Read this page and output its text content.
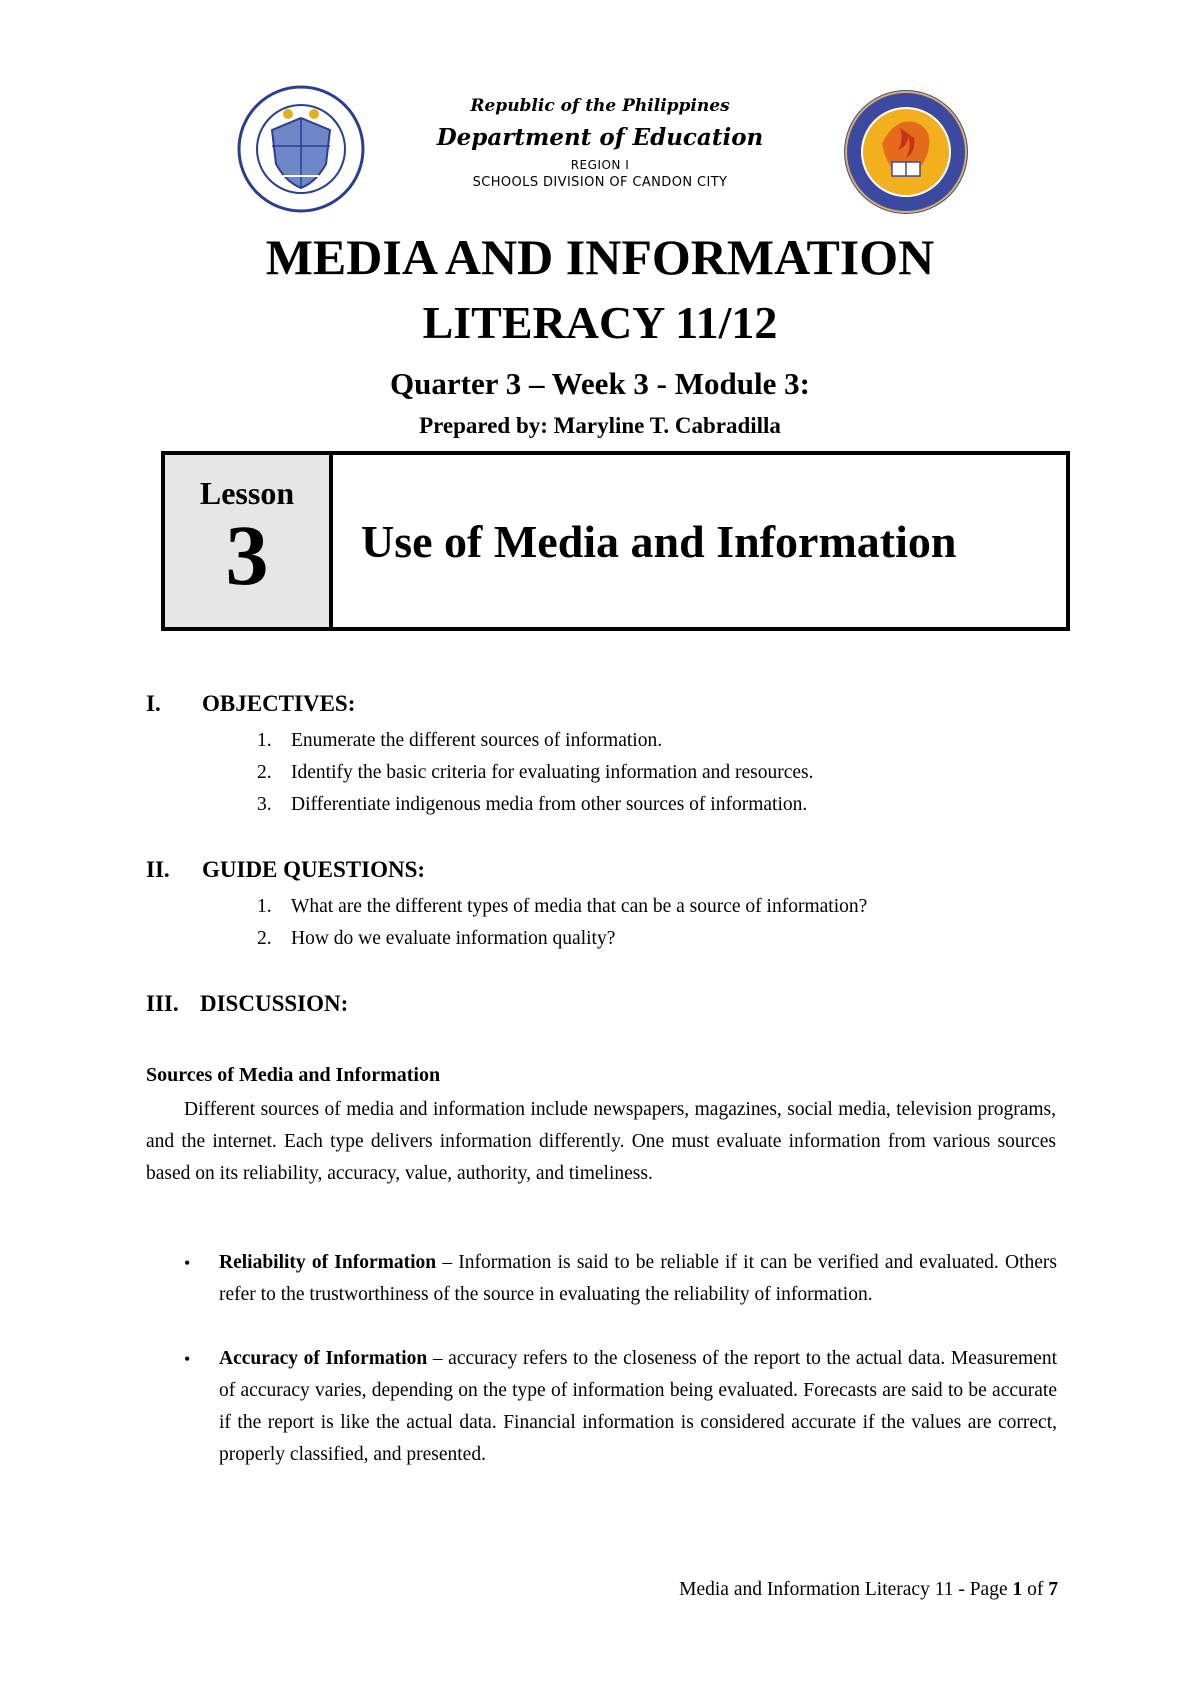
Republic of the Philippines
Department of Education
REGION I
SCHOOLS DIVISION OF CANDON CITY
MEDIA AND INFORMATION
LITERACY 11/12
Quarter 3 – Week 3 - Module 3:
Prepared by: Maryline T. Cabradilla
Lesson
3	Use of Media and Information
I. OBJECTIVES:
1. Enumerate the different sources of information.
2. Identify the basic criteria for evaluating information and resources.
3. Differentiate indigenous media from other sources of information.
II. GUIDE QUESTIONS:
1. What are the different types of media that can be a source of information?
2. How do we evaluate information quality?
III. DISCUSSION:
Sources of Media and Information
Different sources of media and information include newspapers, magazines, social media, television programs, and the internet. Each type delivers information differently. One must evaluate information from various sources based on its reliability, accuracy, value, authority, and timeliness.
• Reliability of Information – Information is said to be reliable if it can be verified and evaluated. Others refer to the trustworthiness of the source in evaluating the reliability of information.
• Accuracy of Information – accuracy refers to the closeness of the report to the actual data. Measurement of accuracy varies, depending on the type of information being evaluated. Forecasts are said to be accurate if the report is like the actual data. Financial information is considered accurate if the values are correct, properly classified, and presented.
Media and Information Literacy 11 - Page 1 of 7
